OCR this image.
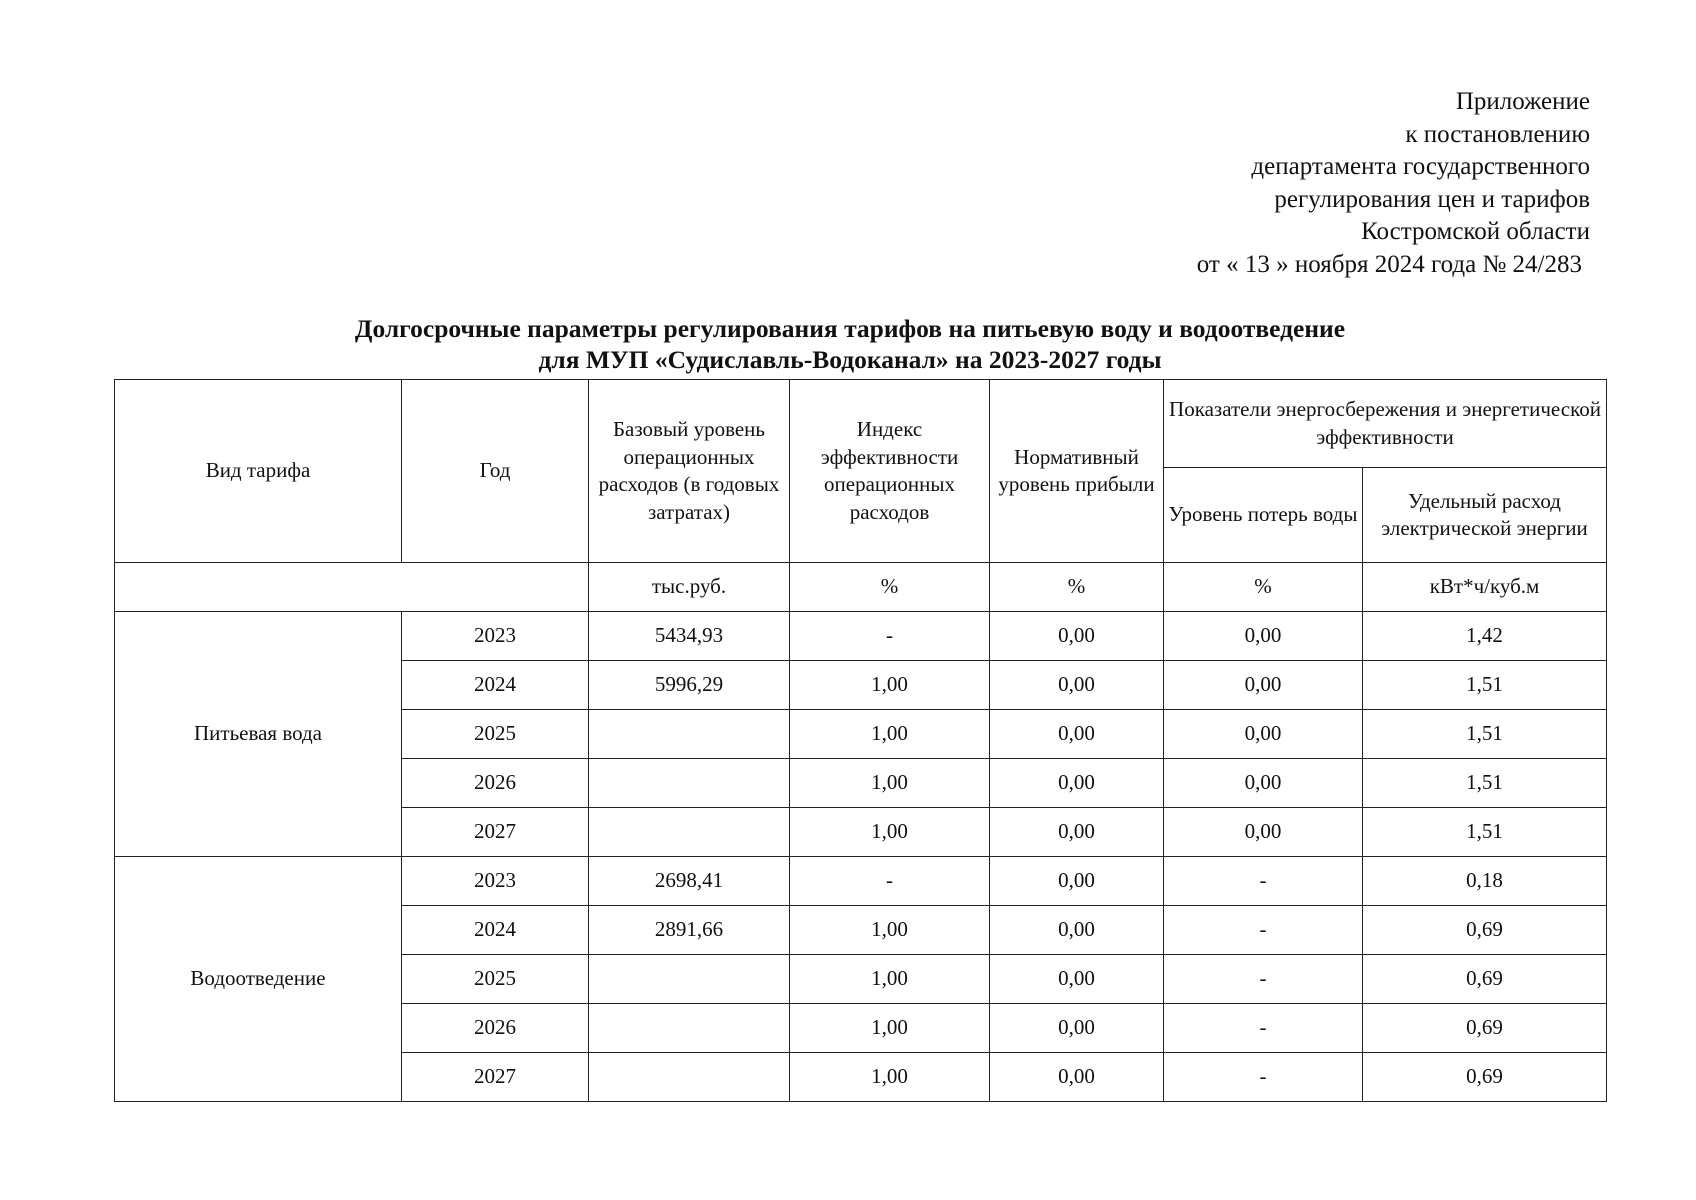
Приложение
к постановлению
департамента государственного
регулирования цен и тарифов
Костромской области
от « 13 » ноября 2024 года № 24/283
Долгосрочные параметры регулирования тарифов на питьевую воду и водоотведение
для МУП «Судиславль-Водоканал» на 2023-2027 годы
Вид тарифа	Год	Базовый уровень операционных расходов (в годовых затратах)	Индекс эффективности операционных расходов	Нормативный уровень прибыли	Показатели энергосбережения и энергетической эффективности	
					Уровень потерь воды	Удельный расход электрической энергии
		тыс.руб.	%	%	%	кВт*ч/куб.м
Питьевая вода	2023	5434,93	-	0,00	0,00	1,42
	2024	5996,29	1,00	0,00	0,00	1,51
	2025		1,00	0,00	0,00	1,51
	2026		1,00	0,00	0,00	1,51
	2027		1,00	0,00	0,00	1,51
Водоотведение	2023	2698,41	-	0,00	-	0,18
	2024	2891,66	1,00	0,00	-	0,69
	2025		1,00	0,00	-	0,69
	2026		1,00	0,00	-	0,69
	2027		1,00	0,00	-	0,69
